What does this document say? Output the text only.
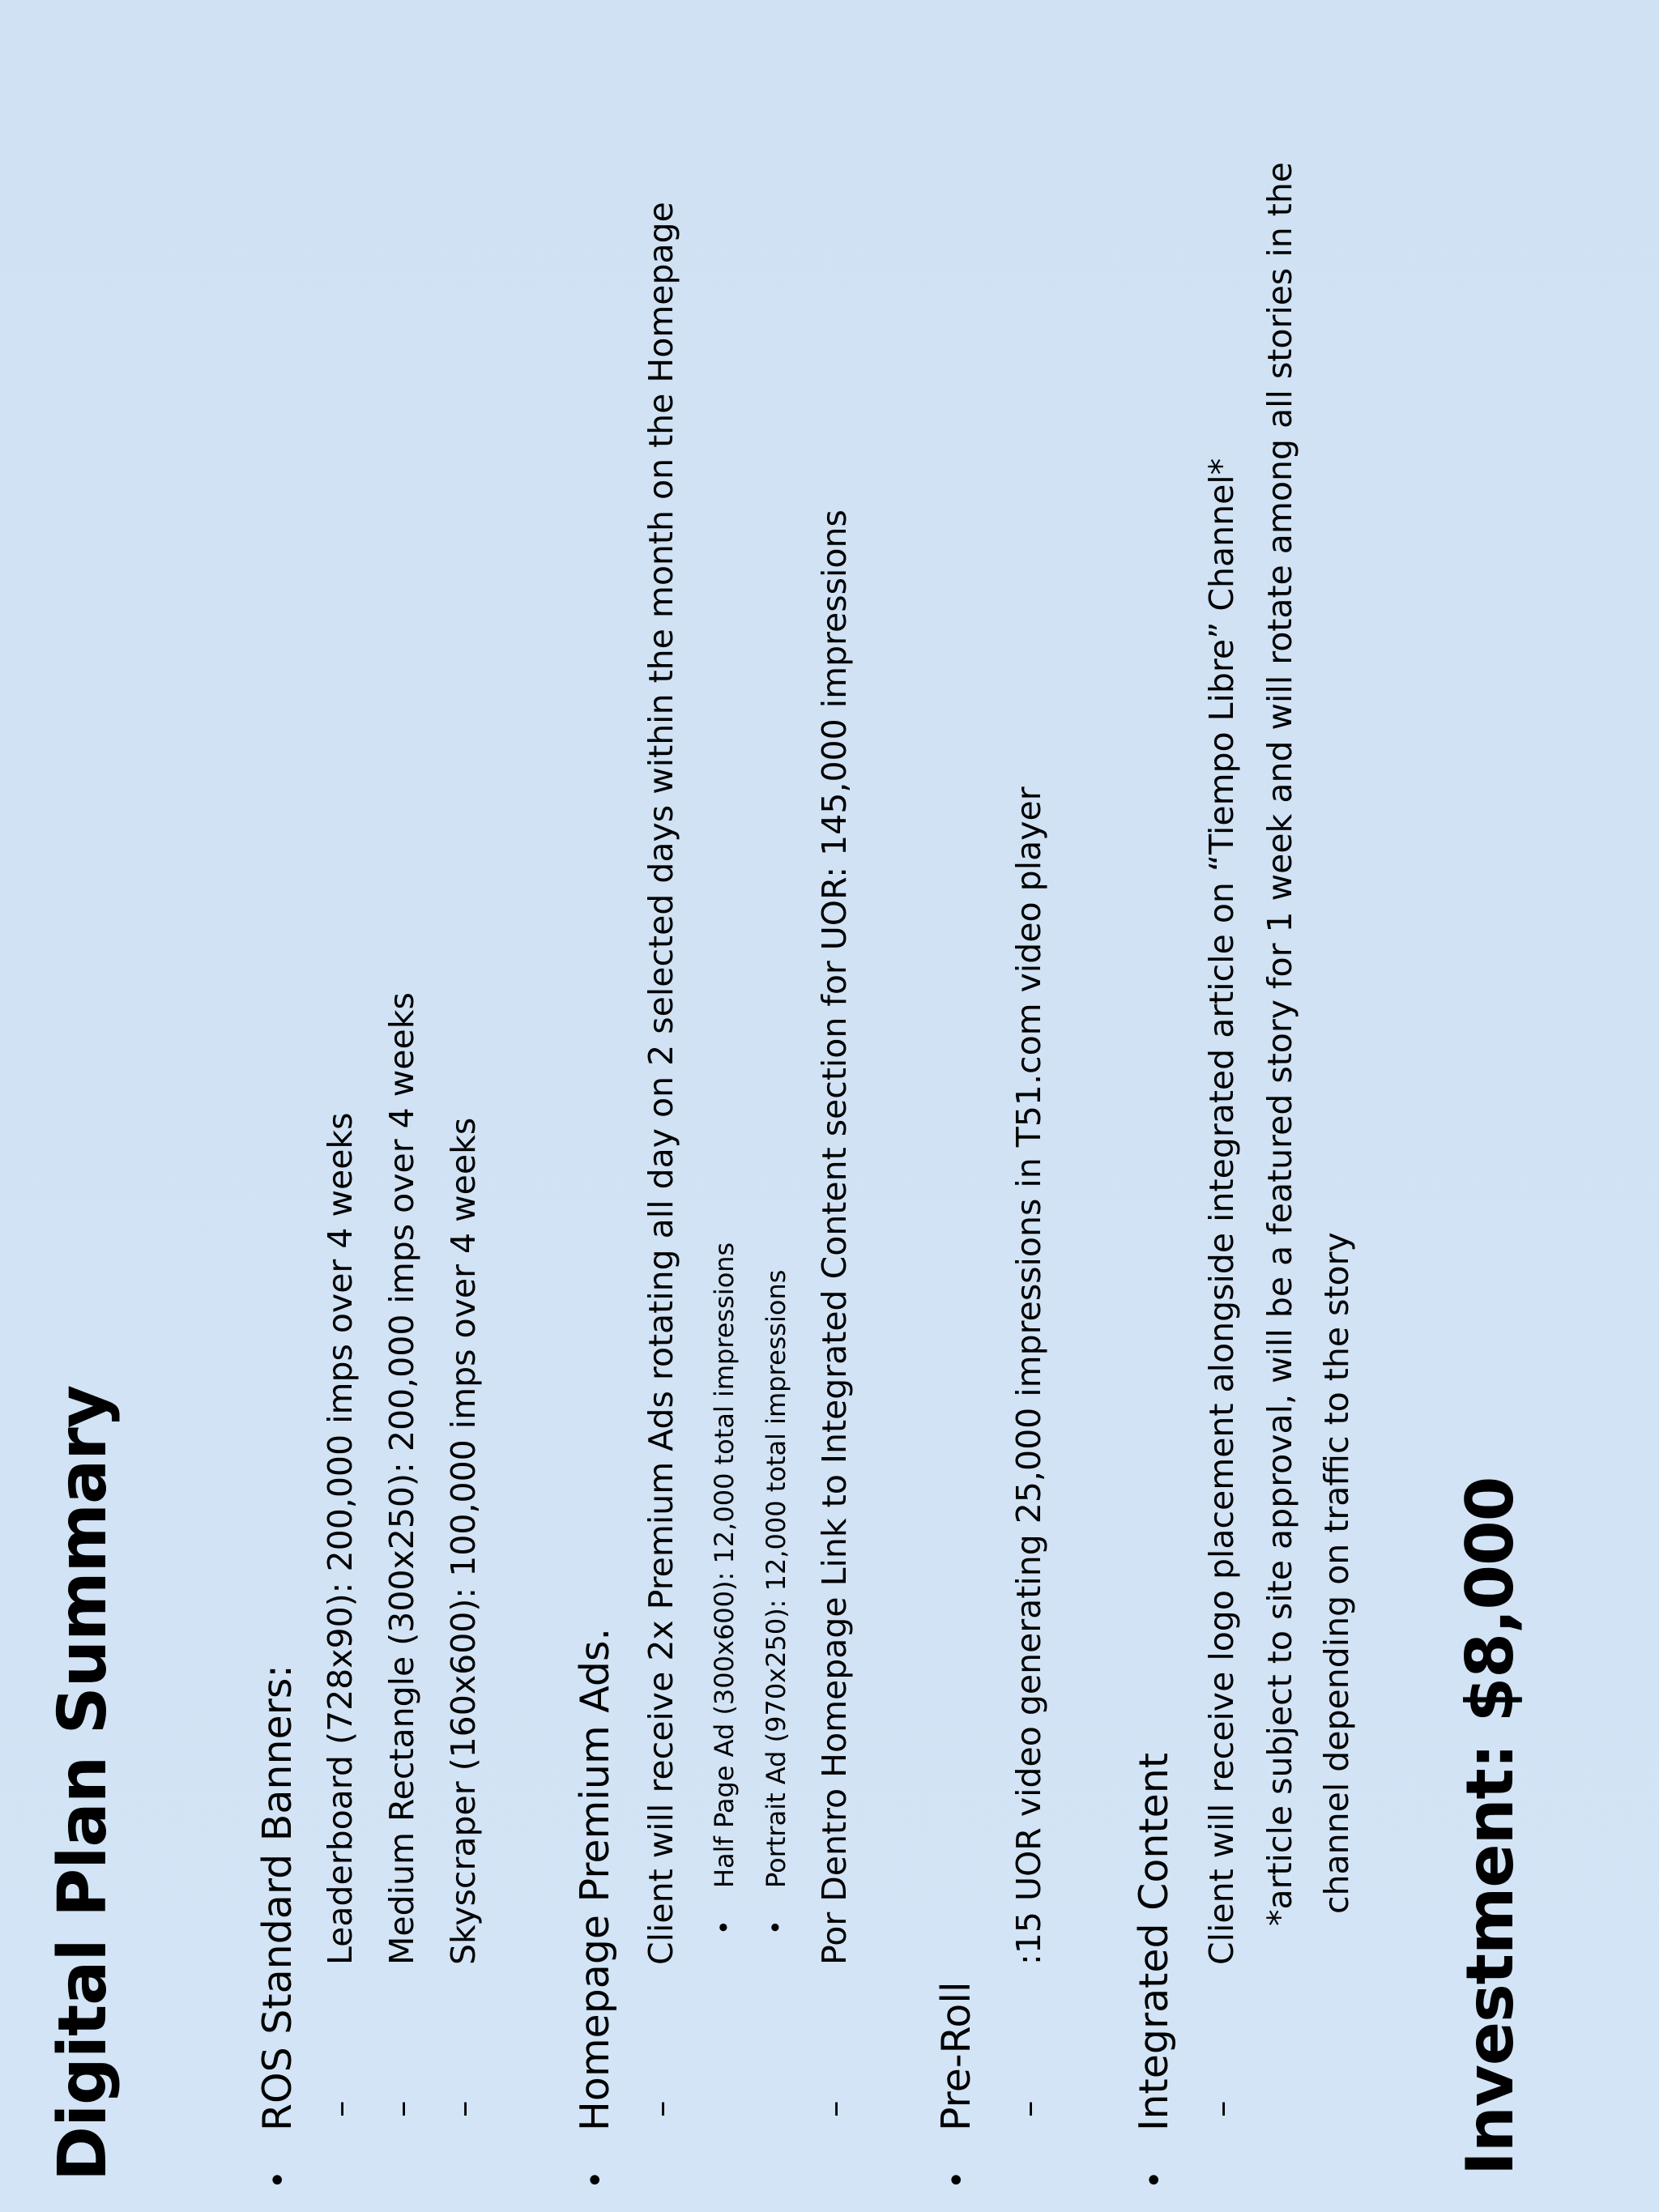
Digital Plan Summary	•
ROS Standard Banners: –
Leaderboard (728x90): 200,000 imps over 4 weeks
–
Medium Rectangle (300x250): 200,000 imps over 4 weeks
–
Skyscraper (160x600): 100,000 imps over 4 weeks
•
Homepage Premium Ads. –
Client will receive 2x Premium Ads rotating all day on 2 selected days within the month on the Homepage •
Half Page Ad (300x600): 12,000 total impressions
•
Portrait Ad (970x250): 12,000 total impressions
–
Por Dentro Homepage Link to Integrated Content section for UOR: 145,000 impressions
•
Pre-Roll –
:15 UOR video generating 25,000 impressions in T51.com video player
•
Integrated Content –
Client will receive logo placement alongside integrated article on “Tiempo Libre” Channel* *article subject to site approval, will be a featured story for 1 week and will rotate among all stories in the channel depending on traffic to the story Investment: $8,000
